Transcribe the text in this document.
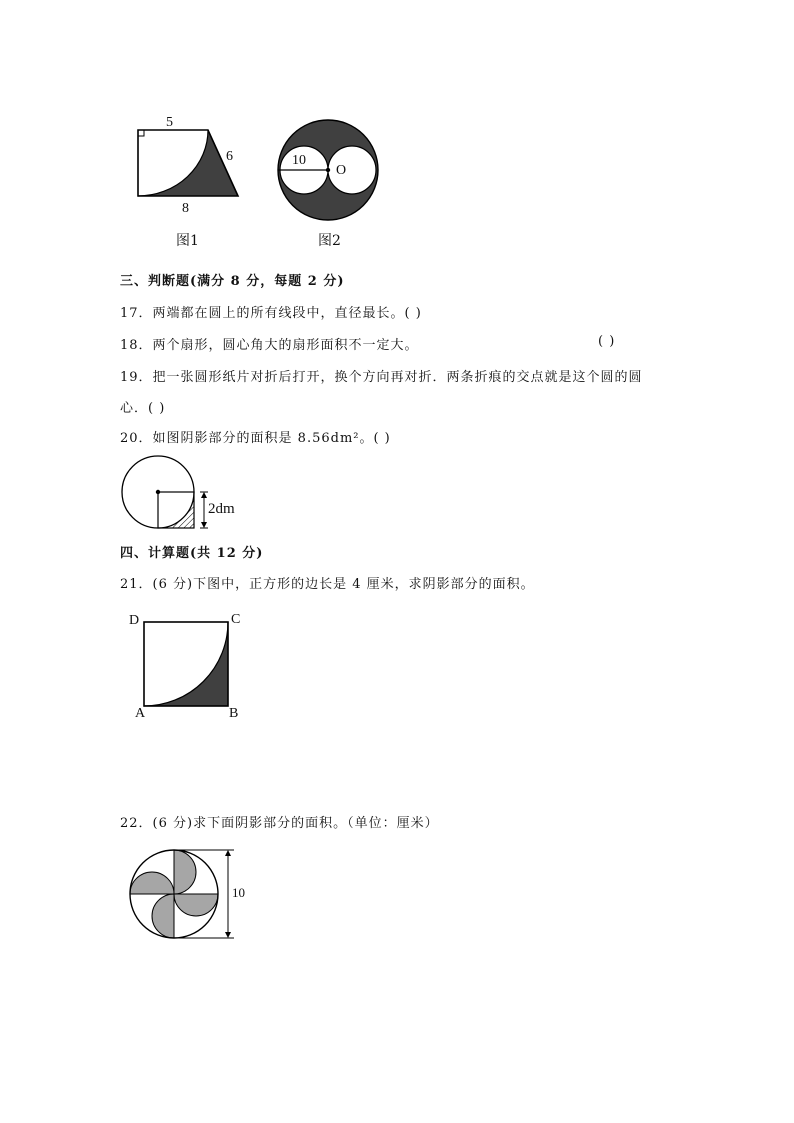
5
6
8
图1
10
O
图2
三、判断题(满分 8 分，每题 2 分)
17．两端都在圆上的所有线段中，直径最长。( )
18．两个扇形，圆心角大的扇形面积不一定大。	( )
19．把一张圆形纸片对折后打开，换个方向再对折．两条折痕的交点就是这个圆的圆
心．( )
20．如图阴影部分的面积是 8.56dm²。( )
2dm
四、计算题(共 12 分)
21．(6 分)下图中，正方形的边长是 4 厘米，求阴影部分的面积。
D	C
A	B
22．(6 分)求下面阴影部分的面积。（单位：厘米）
10
